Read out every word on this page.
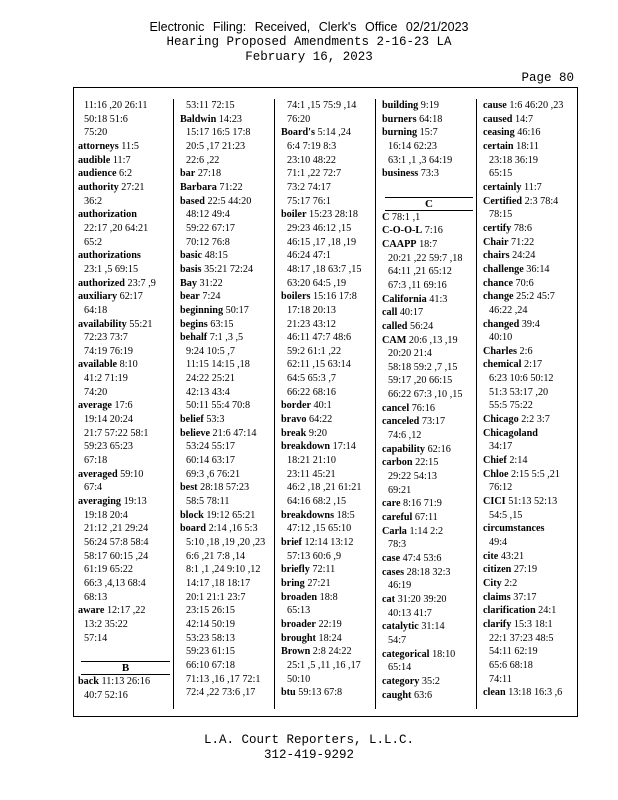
Electronic Filing: Received, Clerk's Office 02/21/2023
Hearing Proposed Amendments 2-16-23 LA
February 16, 2023
Page 80
11:16 ,20 26:11
50:18 51:6
75:20
attorneys 11:5
audible 11:7
audience 6:2
authority 27:21
36:2
authorization
22:17 ,20 64:21
65:2
authorizations
23:1 ,5 69:15
authorized 23:7 ,9
auxiliary 62:17
64:18
availability 55:21
72:23 73:7
74:19 76:19
available 8:10
41:2 71:19
74:20
average 17:6
19:14 20:24
21:7 57:22 58:1
59:23 65:23
67:18
averaged 59:10
67:4
averaging 19:13
19:18 20:4
21:12 ,21 29:24
56:24 57:8 58:4
58:17 60:15 ,24
61:19 65:22
66:3 ,4,13 68:4
68:13
aware 12:17 ,22
13:2 35:22
57:14

B
back 11:13 26:16
40:7 52:16
53:11 72:15
Baldwin 14:23
15:17 16:5 17:8
20:5 ,17 21:23
22:6 ,22
bar 27:18
Barbara 71:22
based 22:5 44:20
48:12 49:4
59:22 67:17
70:12 76:8
basic 48:15
basis 35:21 72:24
Bay 31:22
bear 7:24
beginning 50:17
begins 63:15
behalf 7:1 ,3 ,5
9:24 10:5 ,7
11:15 14:15 ,18
24:22 25:21
42:13 43:4
50:11 55:4 70:8
belief 53:3
believe 21:6 47:14
53:24 55:17
60:14 63:17
69:3 ,6 76:21
best 28:18 57:23
58:5 78:11
block 19:12 65:21
board 2:14 ,16 5:3
5:10 ,18 ,19 ,20 ,23
6:6 ,21 7:8 ,14
8:1 ,1 ,24 9:10 ,12
14:17 ,18 18:17
20:1 21:1 23:7
23:15 26:15
42:14 50:19
53:23 58:13
59:23 61:15
66:10 67:18
71:13 ,16 ,17 72:1
72:4 ,22 73:6 ,17
74:1 ,15 75:9 ,14
76:20
Board's 5:14 ,24
6:4 7:19 8:3
23:10 48:22
71:1 ,22 72:7
73:2 74:17
75:17 76:1
boiler 15:23 28:18
29:23 46:12 ,15
46:15 ,17 ,18 ,19
46:24 47:1
48:17 ,18 63:7 ,15
63:20 64:5 ,19
boilers 15:16 17:8
17:18 20:13
21:23 43:12
46:11 47:7 48:6
59:2 61:1 ,22
62:11 ,15 63:14
64:5 65:3 ,7
66:22 68:16
border 40:1
bravo 64:22
break 9:20
breakdown 17:14
18:21 21:10
23:11 45:21
46:2 ,18 ,21 61:21
64:16 68:2 ,15
breakdowns 18:5
47:12 ,15 65:10
brief 12:14 13:12
57:13 60:6 ,9
briefly 72:11
bring 27:21
broaden 18:8
65:13
broader 22:19
brought 18:24
Brown 2:8 24:22
25:1 ,5 ,11 ,16 ,17
50:10
btu 59:13 67:8
building 9:19
burners 64:18
burning 15:7
16:14 62:23
63:1 ,1 ,3 64:19
business 73:3

C
C 78:1 ,1
C-O-O-L 7:16
CAAPP 18:7
20:21 ,22 59:7 ,18
64:11 ,21 65:12
67:3 ,11 69:16
California 41:3
call 40:17
called 56:24
CAM 20:6 ,13 ,19
20:20 21:4
58:18 59:2 ,7 ,15
59:17 ,20 66:15
66:22 67:3 ,10 ,15
cancel 76:16
canceled 73:17
74:6 ,12
capability 62:16
carbon 22:15
29:22 54:13
69:21
care 8:16 71:9
careful 67:11
Carla 1:14 2:2
78:3
case 47:4 53:6
cases 28:18 32:3
46:19
cat 31:20 39:20
40:13 41:7
catalytic 31:14
54:7
categorical 18:10
65:14
category 35:2
caught 63:6
cause 1:6 46:20 ,23
caused 14:7
ceasing 46:16
certain 18:11
23:18 36:19
65:15
certainly 11:7
Certified 2:3 78:4
78:15
certify 78:6
Chair 71:22
chairs 24:24
challenge 36:14
chance 70:6
change 25:2 45:7
46:22 ,24
changed 39:4
40:10
Charles 2:6
chemical 2:17
6:23 10:6 50:12
51:3 53:17 ,20
55:5 75:22
Chicago 2:2 3:7
Chicagoland
34:17
Chief 2:14
Chloe 2:15 5:5 ,21
76:12
CICI 51:13 52:13
54:5 ,15
circumstances
49:4
cite 43:21
citizen 27:19
City 2:2
claims 37:17
clarification 24:1
clarify 15:3 18:1
22:1 37:23 48:5
54:11 62:19
65:6 68:18
74:11
clean 13:18 16:3 ,6
L.A. Court Reporters, L.L.C.
312-419-9292
